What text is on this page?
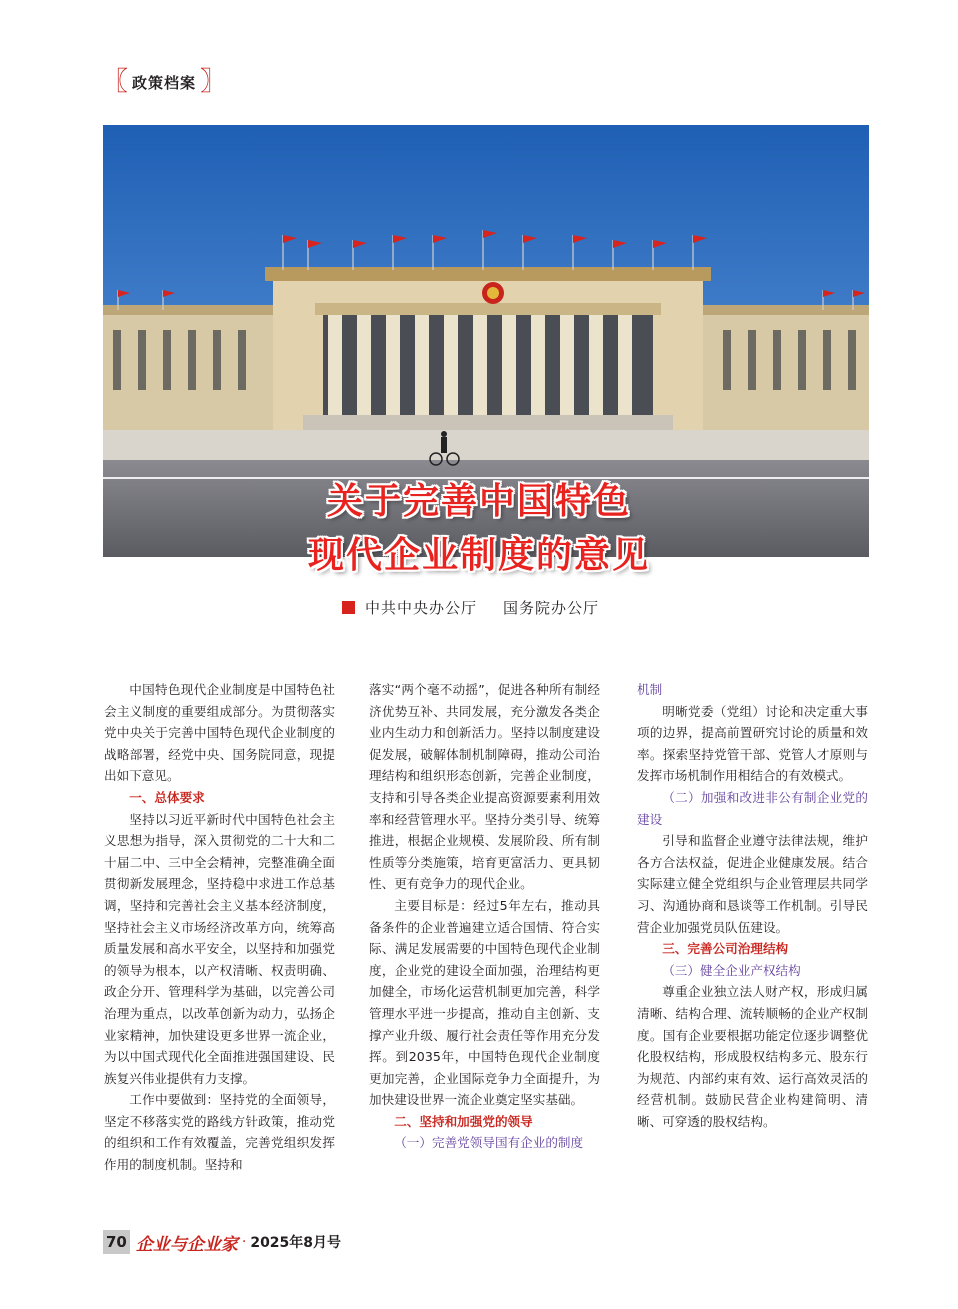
〖 政策档案 〗
关于完善中国特色
现代企业制度的意见
中共中央办公厅 国务院办公厅

中国特色现代企业制度是中国特色社会主义制度的重要组成部分。为贯彻落实党中央关于完善中国特色现代企业制度的战略部署，经党中央、国务院同意，现提出如下意见。

一、总体要求

坚持以习近平新时代中国特色社会主义思想为指导，深入贯彻党的二十大和二十届二中、三中全会精神，完整准确全面贯彻新发展理念，坚持稳中求进工作总基调，坚持和完善社会主义基本经济制度，坚持社会主义市场经济改革方向，统筹高质量发展和高水平安全，以坚持和加强党的领导为根本，以产权清晰、权责明确、政企分开、管理科学为基础，以完善公司治理为重点，以改革创新为动力，弘扬企业家精神，加快建设更多世界一流企业，为以中国式现代化全面推进强国建设、民族复兴伟业提供有力支撑。

工作中要做到：坚持党的全面领导，坚定不移落实党的路线方针政策，推动党的组织和工作有效覆盖，完善党组织发挥作用的制度机制。坚持和

落实“两个毫不动摇”，促进各种所有制经济优势互补、共同发展，充分激发各类企业内生动力和创新活力。坚持以制度建设促发展，破解体制机制障碍，推动公司治理结构和组织形态创新，完善企业制度，支持和引导各类企业提高资源要素利用效率和经营管理水平。坚持分类引导、统筹推进，根据企业规模、发展阶段、所有制性质等分类施策，培育更富活力、更具韧性、更有竞争力的现代企业。

主要目标是：经过5年左右，推动具备条件的企业普遍建立适合国情、符合实际、满足发展需要的中国特色现代企业制度，企业党的建设全面加强，治理结构更加健全，市场化运营机制更加完善，科学管理水平进一步提高，推动自主创新、支撑产业升级、履行社会责任等作用充分发挥。到2035年，中国特色现代企业制度更加完善，企业国际竞争力全面提升，为加快建设世界一流企业奠定坚实基础。

二、坚持和加强党的领导

（一）完善党领导国有企业的制度

机制

明晰党委（党组）讨论和决定重大事项的边界，提高前置研究讨论的质量和效率。探索坚持党管干部、党管人才原则与发挥市场机制作用相结合的有效模式。

（二）加强和改进非公有制企业党的建设

引导和监督企业遵守法律法规，维护各方合法权益，促进企业健康发展。结合实际建立健全党组织与企业管理层共同学习、沟通协商和恳谈等工作机制。引导民营企业加强党员队伍建设。

三、完善公司治理结构

（三）健全企业产权结构

尊重企业独立法人财产权，形成归属清晰、结构合理、流转顺畅的企业产权制度。国有企业要根据功能定位逐步调整优化股权结构，形成股权结构多元、股东行为规范、内部约束有效、运行高效灵活的经营机制。鼓励民营企业构建简明、清晰、可穿透的股权结构。

70 企业与企业家 · 2025年8月号
